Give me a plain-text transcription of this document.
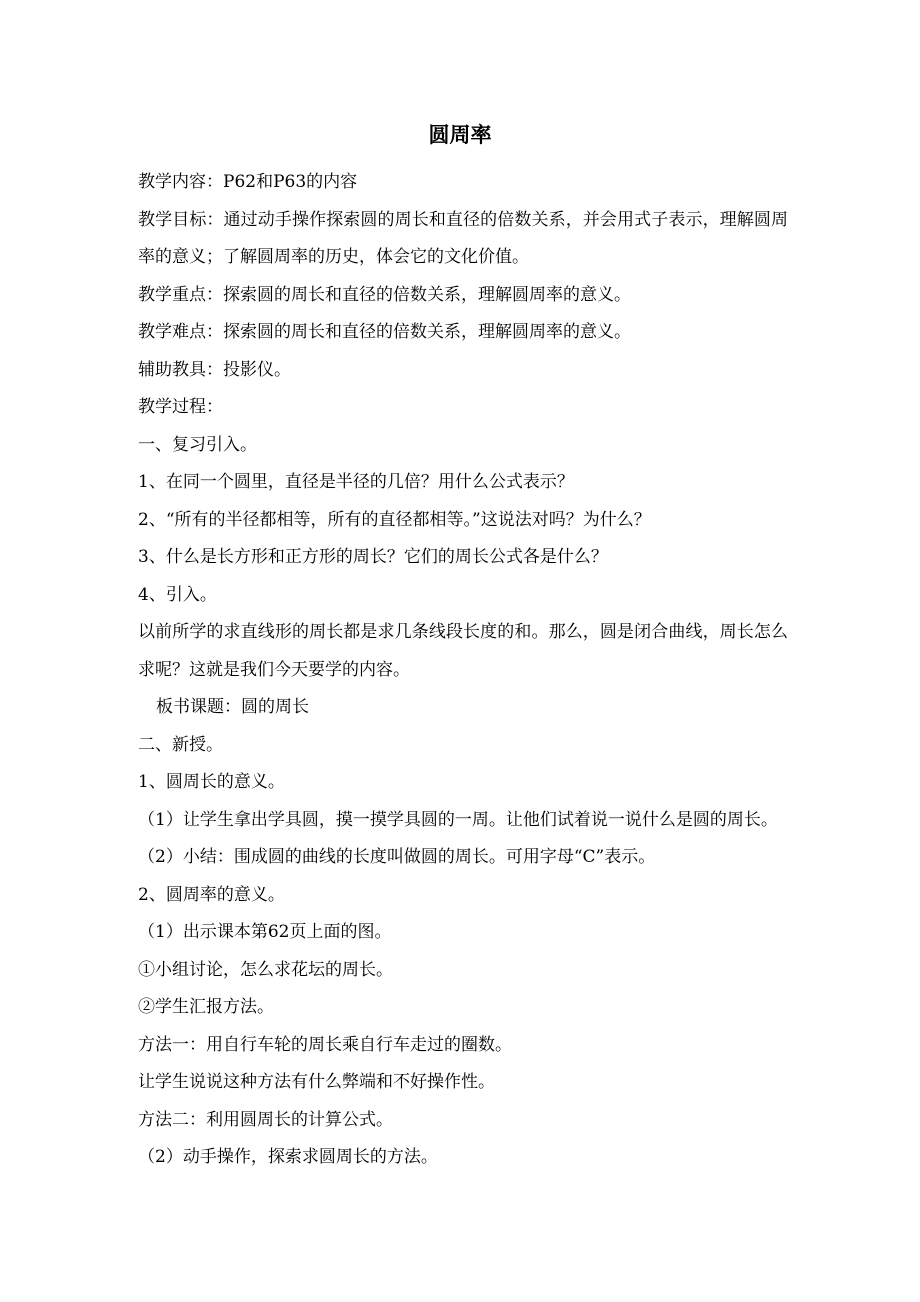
圆周率

教学内容：P62和P63的内容

教学目标：通过动手操作探索圆的周长和直径的倍数关系，并会用式子表示，理解圆周率的意义；了解圆周率的历史，体会它的文化价值。

教学重点：探索圆的周长和直径的倍数关系，理解圆周率的意义。

教学难点：探索圆的周长和直径的倍数关系，理解圆周率的意义。

辅助教具：投影仪。

教学过程：

一、复习引入。

1、在同一个圆里，直径是半径的几倍？用什么公式表示？

2、“所有的半径都相等，所有的直径都相等。”这说法对吗？为什么？

3、什么是长方形和正方形的周长？它们的周长公式各是什么？

4、引入。

以前所学的求直线形的周长都是求几条线段长度的和。那么，圆是闭合曲线，周长怎么求呢？这就是我们今天要学的内容。

板书课题：圆的周长

二、新授。

1、圆周长的意义。

（1）让学生拿出学具圆，摸一摸学具圆的一周。让他们试着说一说什么是圆的周长。

（2）小结：围成圆的曲线的长度叫做圆的周长。可用字母“C”表示。

2、圆周率的意义。

（1）出示课本第62页上面的图。

①小组讨论，怎么求花坛的周长。

②学生汇报方法。

方法一：用自行车轮的周长乘自行车走过的圈数。

让学生说说这种方法有什么弊端和不好操作性。

方法二：利用圆周长的计算公式。

（2）动手操作，探索求圆周长的方法。
